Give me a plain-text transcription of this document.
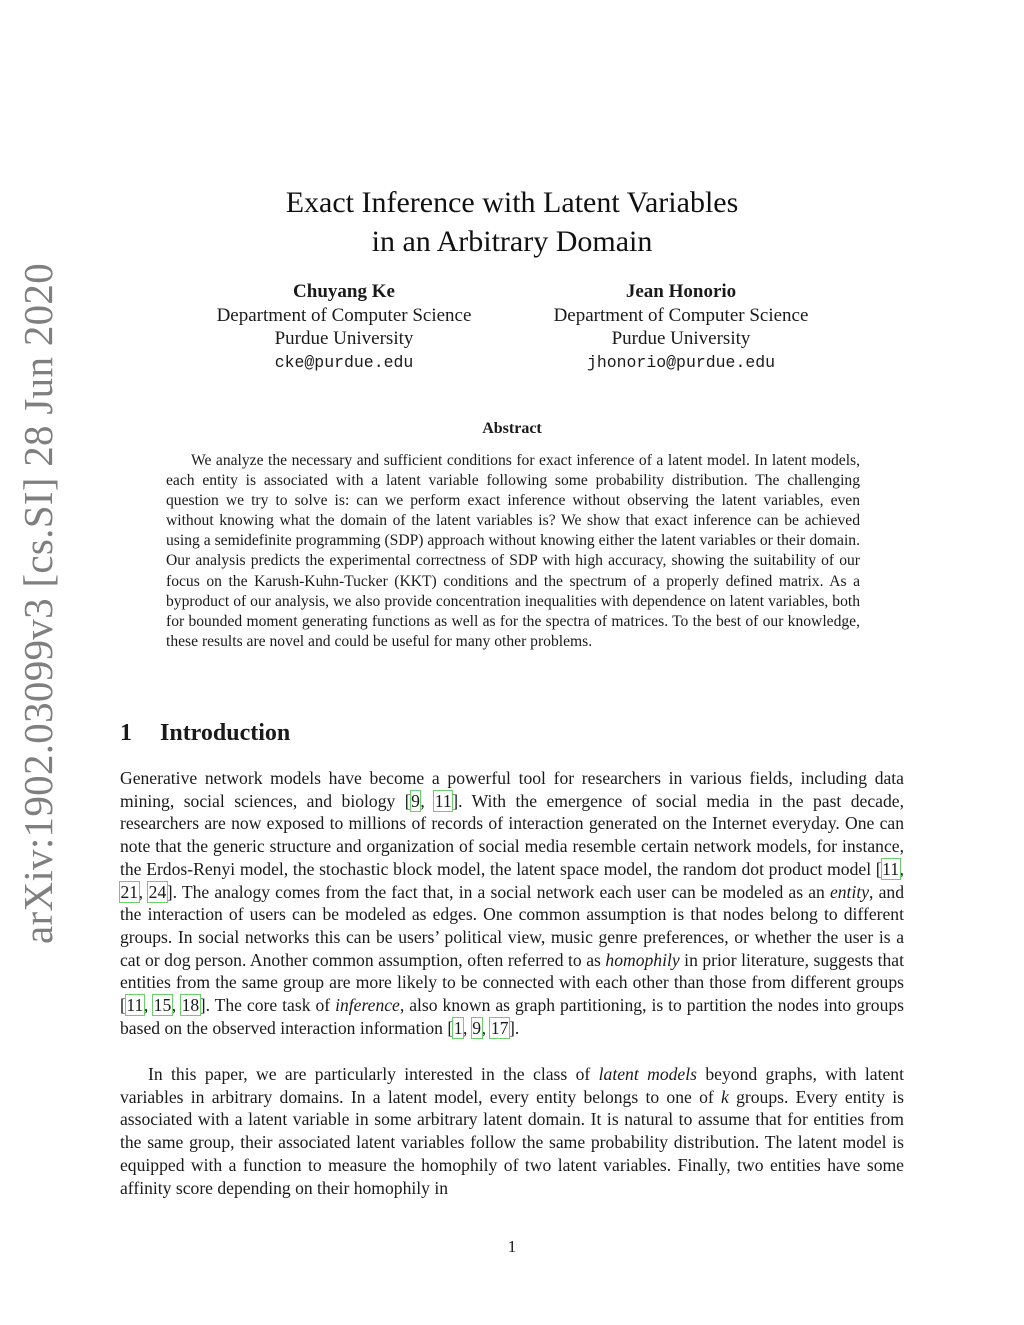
arXiv:1902.03099v3 [cs.SI] 28 Jun 2020
Exact Inference with Latent Variables
in an Arbitrary Domain
Chuyang Ke
Department of Computer Science
Purdue University
cke@purdue.edu
Jean Honorio
Department of Computer Science
Purdue University
jhonorio@purdue.edu
Abstract

We analyze the necessary and sufficient conditions for exact inference of a latent model. In latent models, each entity is associated with a latent variable following some probability distribution. The challenging question we try to solve is: can we perform exact inference without observing the latent variables, even without knowing what the domain of the latent variables is? We show that exact inference can be achieved using a semidefinite programming (SDP) approach without knowing either the latent variables or their domain. Our analysis predicts the experimental correctness of SDP with high accuracy, showing the suitability of our focus on the Karush-Kuhn-Tucker (KKT) conditions and the spectrum of a properly defined matrix. As a byproduct of our analysis, we also provide concentration inequalities with dependence on latent variables, both for bounded moment generating functions as well as for the spectra of matrices. To the best of our knowledge, these results are novel and could be useful for many other problems.

1 Introduction

Generative network models have become a powerful tool for researchers in various fields, including data mining, social sciences, and biology [9, 11]. With the emergence of social media in the past decade, researchers are now exposed to millions of records of interaction generated on the Internet everyday. One can note that the generic structure and organization of social media resemble certain network models, for instance, the Erdos-Renyi model, the stochastic block model, the latent space model, the random dot product model [11, 21, 24]. The analogy comes from the fact that, in a social network each user can be modeled as an entity, and the interaction of users can be modeled as edges. One common assumption is that nodes belong to different groups. In social networks this can be users’ political view, music genre preferences, or whether the user is a cat or dog person. Another common assumption, often referred to as homophily in prior literature, suggests that entities from the same group are more likely to be connected with each other than those from different groups [11, 15, 18]. The core task of inference, also known as graph partitioning, is to partition the nodes into groups based on the observed interaction information [1, 9, 17].

In this paper, we are particularly interested in the class of latent models beyond graphs, with latent variables in arbitrary domains. In a latent model, every entity belongs to one of k groups. Every entity is associated with a latent variable in some arbitrary latent domain. It is natural to assume that for entities from the same group, their associated latent variables follow the same probability distribution. The latent model is equipped with a function to measure the homophily of two latent variables. Finally, two entities have some affinity score depending on their homophily in

1
